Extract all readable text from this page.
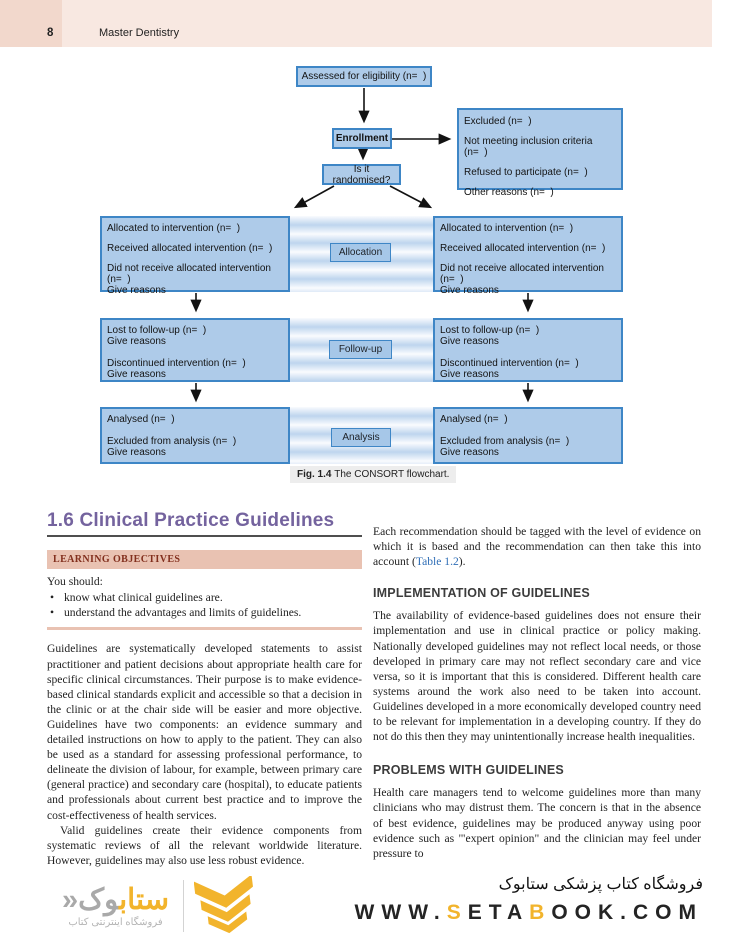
8	Master Dentistry
Assessed for eligibility (n=  )
Enrollment
Excluded (n=  )
Not meeting inclusion criteria (n=  )
Refused to participate (n=  )
Other reasons (n=  )
Is it randomised?
Allocated to intervention (n=  )
Received allocated intervention (n=  )
Did not receive allocated intervention (n=  )
Give reasons
Allocation
Allocated to intervention (n=  )
Received allocated intervention (n=  )
Did not receive allocated intervention (n=  )
Give reasons
Lost to follow-up (n=  )
Give reasons
Discontinued intervention (n=  )
Give reasons
Follow-up
Lost to follow-up (n=  )
Give reasons
Discontinued intervention (n=  )
Give reasons
Analysed (n=  )
Excluded from analysis (n=  )
Give reasons
Analysis
Analysed (n=  )
Excluded from analysis (n=  )
Give reasons
Fig. 1.4 The CONSORT flowchart.
1.6 Clinical Practice Guidelines
LEARNING OBJECTIVES
You should:
• know what clinical guidelines are.
• understand the advantages and limits of guidelines.

Guidelines are systematically developed statements to assist practitioner and patient decisions about appropriate health care for specific clinical circumstances. Their purpose is to make evidence-based clinical standards explicit and accessible so that a decision in the clinic or at the chair side will be easier and more objective. Guidelines have two components: an evidence summary and detailed instructions on how to apply to the patient. They can also be used as a standard for assessing professional performance, to delineate the division of labour, for example, between primary care (general practice) and secondary care (hospital), to educate patients and professionals about current best practice and to improve the cost-effectiveness of health services.

Valid guidelines create their evidence components from systematic reviews of all the relevant worldwide literature. However, guidelines may also use less robust evidence.

Each recommendation should be tagged with the level of evidence on which it is based and the recommendation can then take this into account (Table 1.2).

IMPLEMENTATION OF GUIDELINES

The availability of evidence-based guidelines does not ensure their implementation and use in clinical practice or policy making. Nationally developed guidelines may not reflect local needs, or those developed in primary care may not reflect secondary care and vice versa, so it is important that this is considered. Different health care systems around the work also need to be taken into account. Guidelines developed in a more economically developed country need to be relevant for implementation in a developing country. If they do not do this then they may unintentionally increase health inequalities.

PROBLEMS WITH GUIDELINES

Health care managers tend to welcome guidelines more than many clinicians who may distrust them. The concern is that in the absence of best evidence, guidelines may be produced anyway using poor evidence such as '"expert opinion" and the clinician may feel under pressure to

ستابوک«
فروشگاه اینترنتی کتاب
فروشگاه کتاب پزشکی ستابوک
WWW.SETABOOK.COM
